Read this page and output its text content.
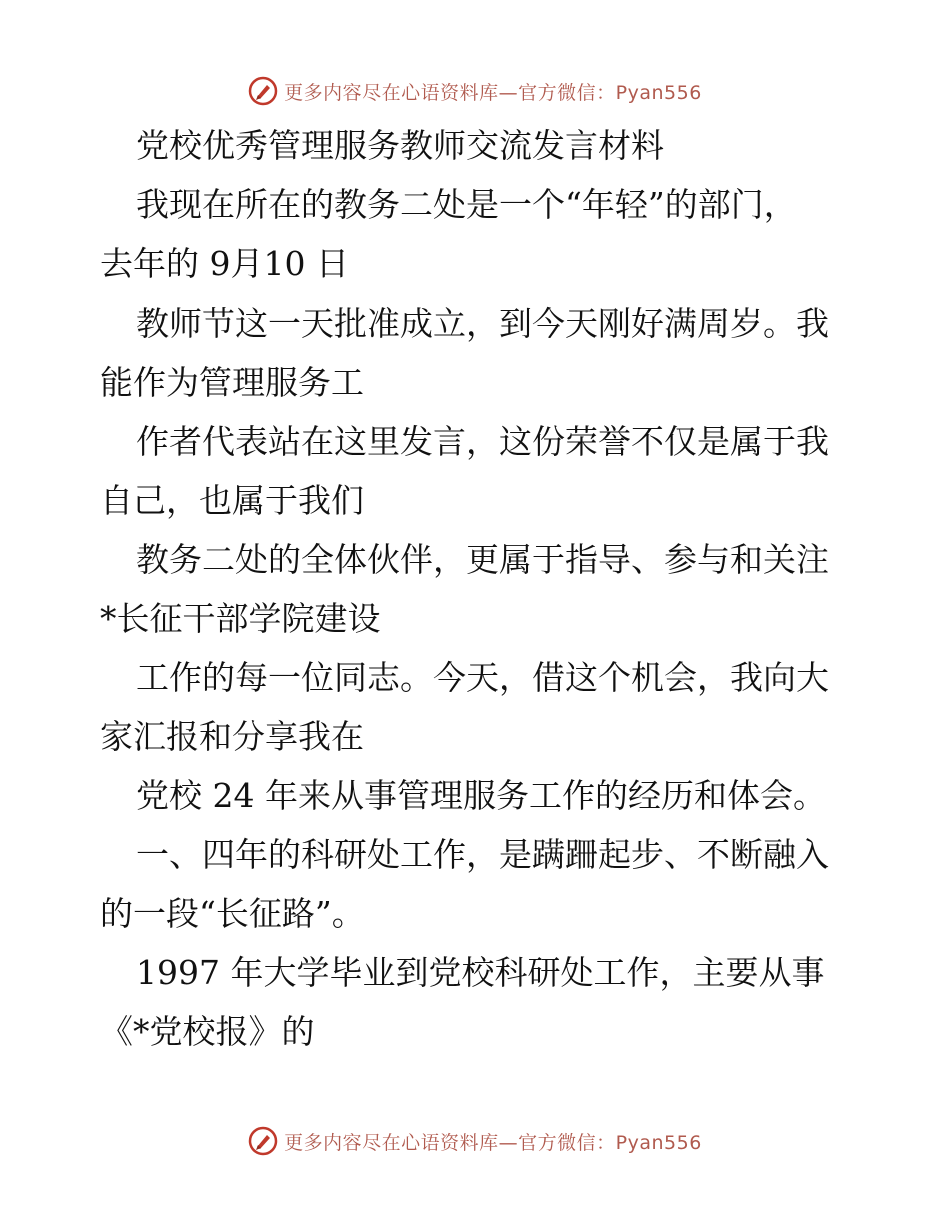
更多内容尽在心语资料库—官方微信：Pyan556
党校优秀管理服务教师交流发言材料
我现在所在的教务二处是一个“年轻”的部门，
去年的 9月10 日
教师节这一天批准成立，到今天刚好满周岁。我
能作为管理服务工
作者代表站在这里发言，这份荣誉不仅是属于我
自己，也属于我们
教务二处的全体伙伴，更属于指导、参与和关注
*长征干部学院建设
工作的每一位同志。今天，借这个机会，我向大
家汇报和分享我在
党校 24 年来从事管理服务工作的经历和体会。
一、四年的科研处工作，是蹒跚起步、不断融入
的一段“长征路”。
1997 年大学毕业到党校科研处工作，主要从事
《*党校报》的
更多内容尽在心语资料库—官方微信：Pyan556
